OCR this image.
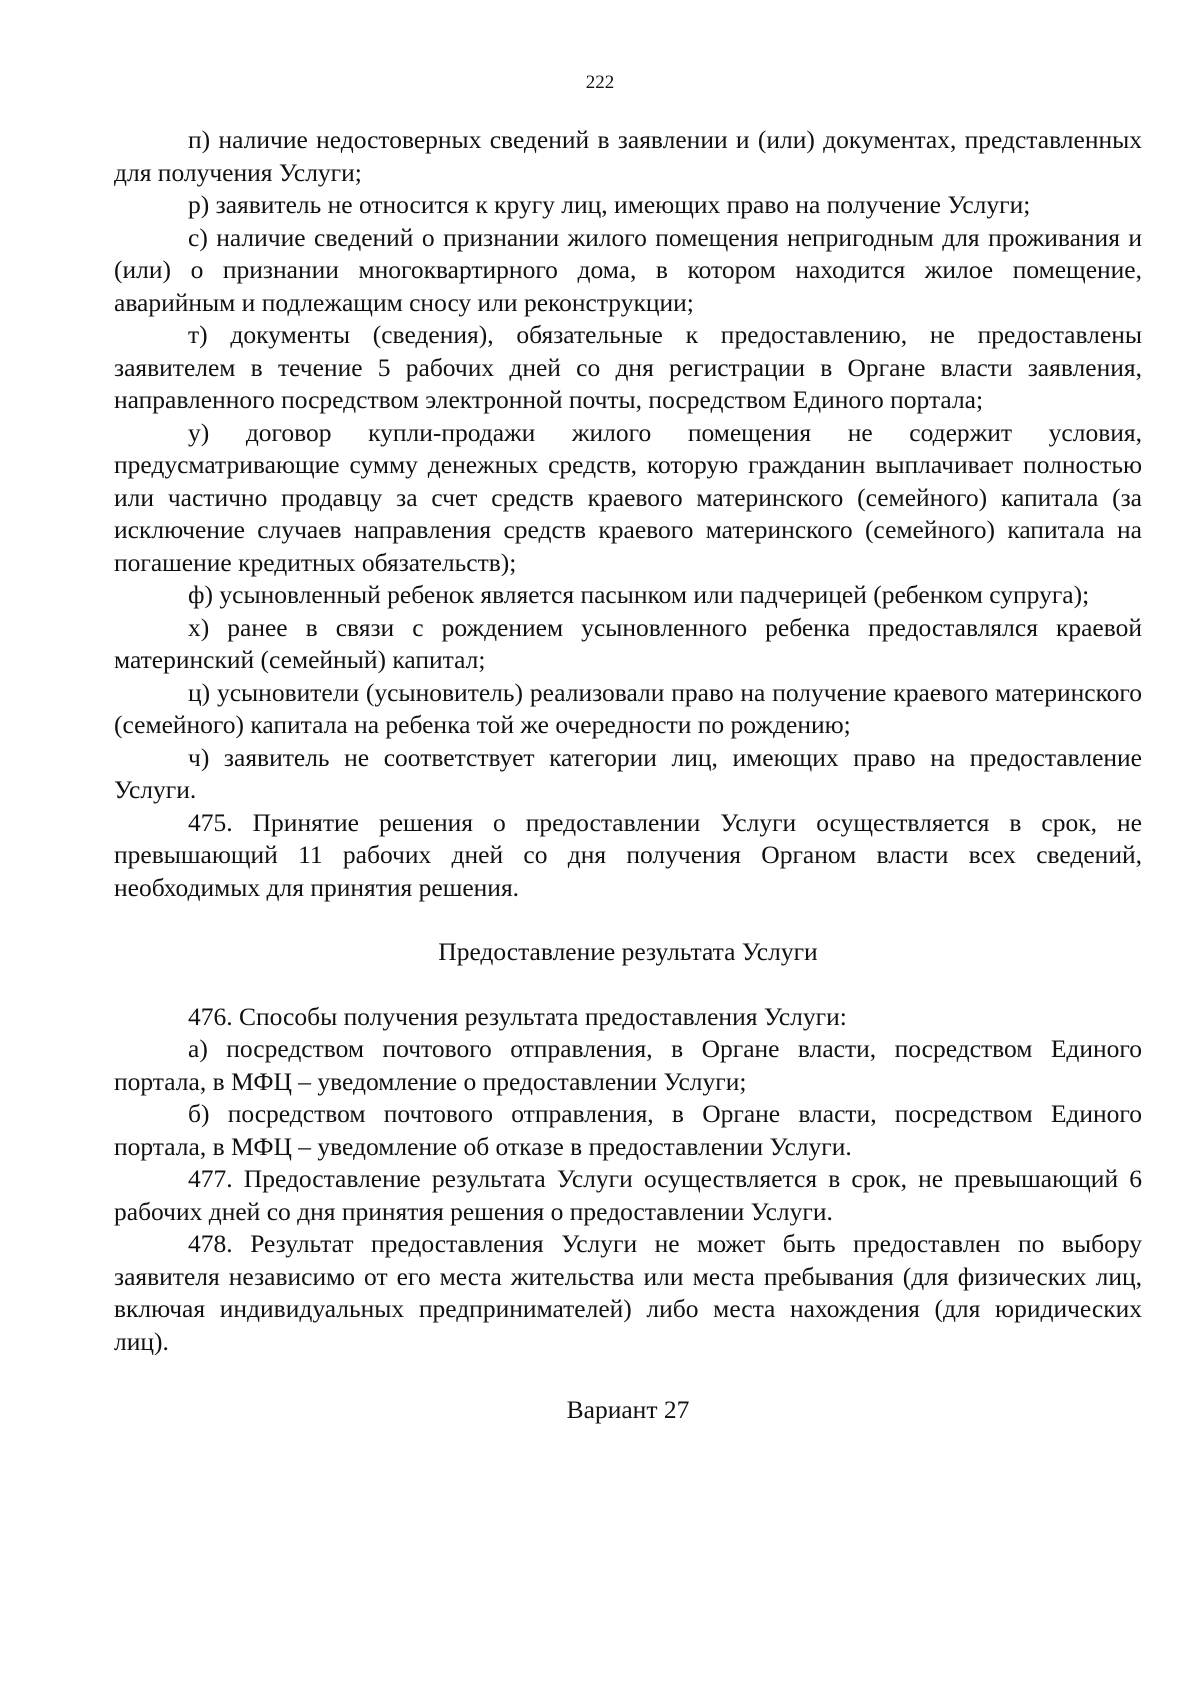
222

п) наличие недостоверных сведений в заявлении и (или) документах, представленных для получения Услуги;

р) заявитель не относится к кругу лиц, имеющих право на получение Услуги;

с) наличие сведений о признании жилого помещения непригодным для проживания и (или) о признании многоквартирного дома, в котором находится жилое помещение, аварийным и подлежащим сносу или реконструкции;

т) документы (сведения), обязательные к предоставлению, не предоставлены заявителем в течение 5 рабочих дней со дня регистрации в Органе власти заявления, направленного посредством электронной почты, посредством Единого портала;

у) договор купли-продажи жилого помещения не содержит условия, предусматривающие сумму денежных средств, которую гражданин выплачивает полностью или частично продавцу за счет средств краевого материнского (семейного) капитала (за исключение случаев направления средств краевого материнского (семейного) капитала на погашение кредитных обязательств);

ф) усыновленный ребенок является пасынком или падчерицей (ребенком супруга);

х) ранее в связи с рождением усыновленного ребенка предоставлялся краевой материнский (семейный) капитал;

ц) усыновители (усыновитель) реализовали право на получение краевого материнского (семейного) капитала на ребенка той же очередности по рождению;

ч) заявитель не соответствует категории лиц, имеющих право на предоставление Услуги.

475. Принятие решения о предоставлении Услуги осуществляется в срок, не превышающий 11 рабочих дней со дня получения Органом власти всех сведений, необходимых для принятия решения.

Предоставление результата Услуги

476. Способы получения результата предоставления Услуги:

а) посредством почтового отправления, в Органе власти, посредством Единого портала, в МФЦ – уведомление о предоставлении Услуги;

б) посредством почтового отправления, в Органе власти, посредством Единого портала, в МФЦ – уведомление об отказе в предоставлении Услуги.

477. Предоставление результата Услуги осуществляется в срок, не превышающий 6 рабочих дней со дня принятия решения о предоставлении Услуги.

478. Результат предоставления Услуги не может быть предоставлен по выбору заявителя независимо от его места жительства или места пребывания (для физических лиц, включая индивидуальных предпринимателей) либо места нахождения (для юридических лиц).

Вариант 27
